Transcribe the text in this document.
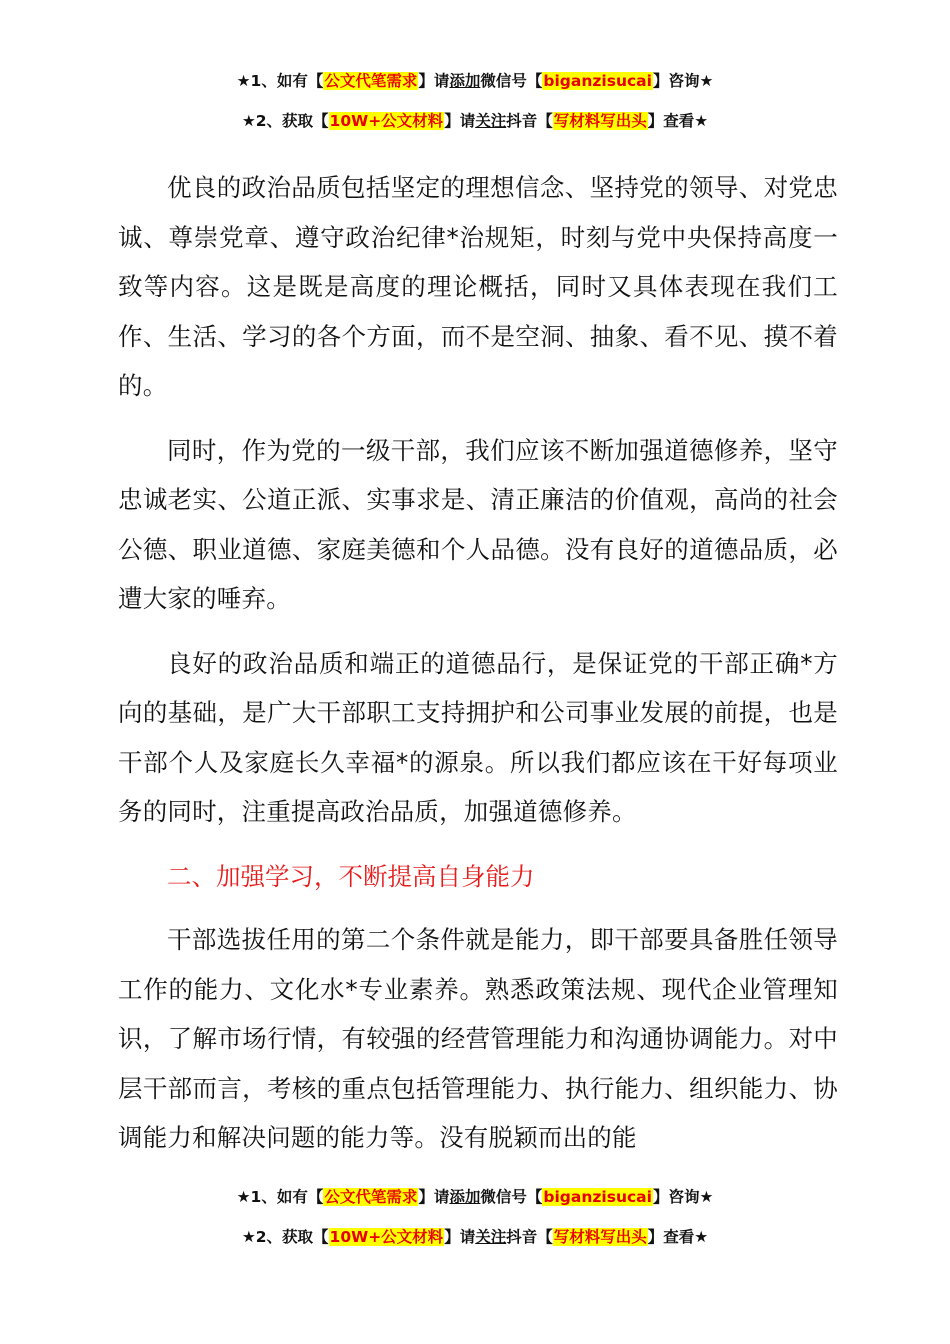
★1、如有【公文代笔需求】请添加微信号【biganzisucai】咨询★
★2、获取【10W+公文材料】请关注抖音【写材料写出头】查看★

优良的政治品质包括坚定的理想信念、坚持党的领导、对党忠诚、尊崇党章、遵守政治纪律*治规矩，时刻与党中央保持高度一致等内容。这是既是高度的理论概括，同时又具体表现在我们工作、生活、学习的各个方面，而不是空洞、抽象、看不见、摸不着的。

同时，作为党的一级干部，我们应该不断加强道德修养，坚守忠诚老实、公道正派、实事求是、清正廉洁的价值观，高尚的社会公德、职业道德、家庭美德和个人品德。没有良好的道德品质，必遭大家的唾弃。

良好的政治品质和端正的道德品行，是保证党的干部正确*方向的基础，是广大干部职工支持拥护和公司事业发展的前提，也是干部个人及家庭长久幸福*的源泉。所以我们都应该在干好每项业务的同时，注重提高政治品质，加强道德修养。

二、加强学习，不断提高自身能力

干部选拔任用的第二个条件就是能力，即干部要具备胜任领导工作的能力、文化水*专业素养。熟悉政策法规、现代企业管理知识，了解市场行情，有较强的经营管理能力和沟通协调能力。对中层干部而言，考核的重点包括管理能力、执行能力、组织能力、协调能力和解决问题的能力等。没有脱颖而出的能

★1、如有【公文代笔需求】请添加微信号【biganzisucai】咨询★
★2、获取【10W+公文材料】请关注抖音【写材料写出头】查看★
